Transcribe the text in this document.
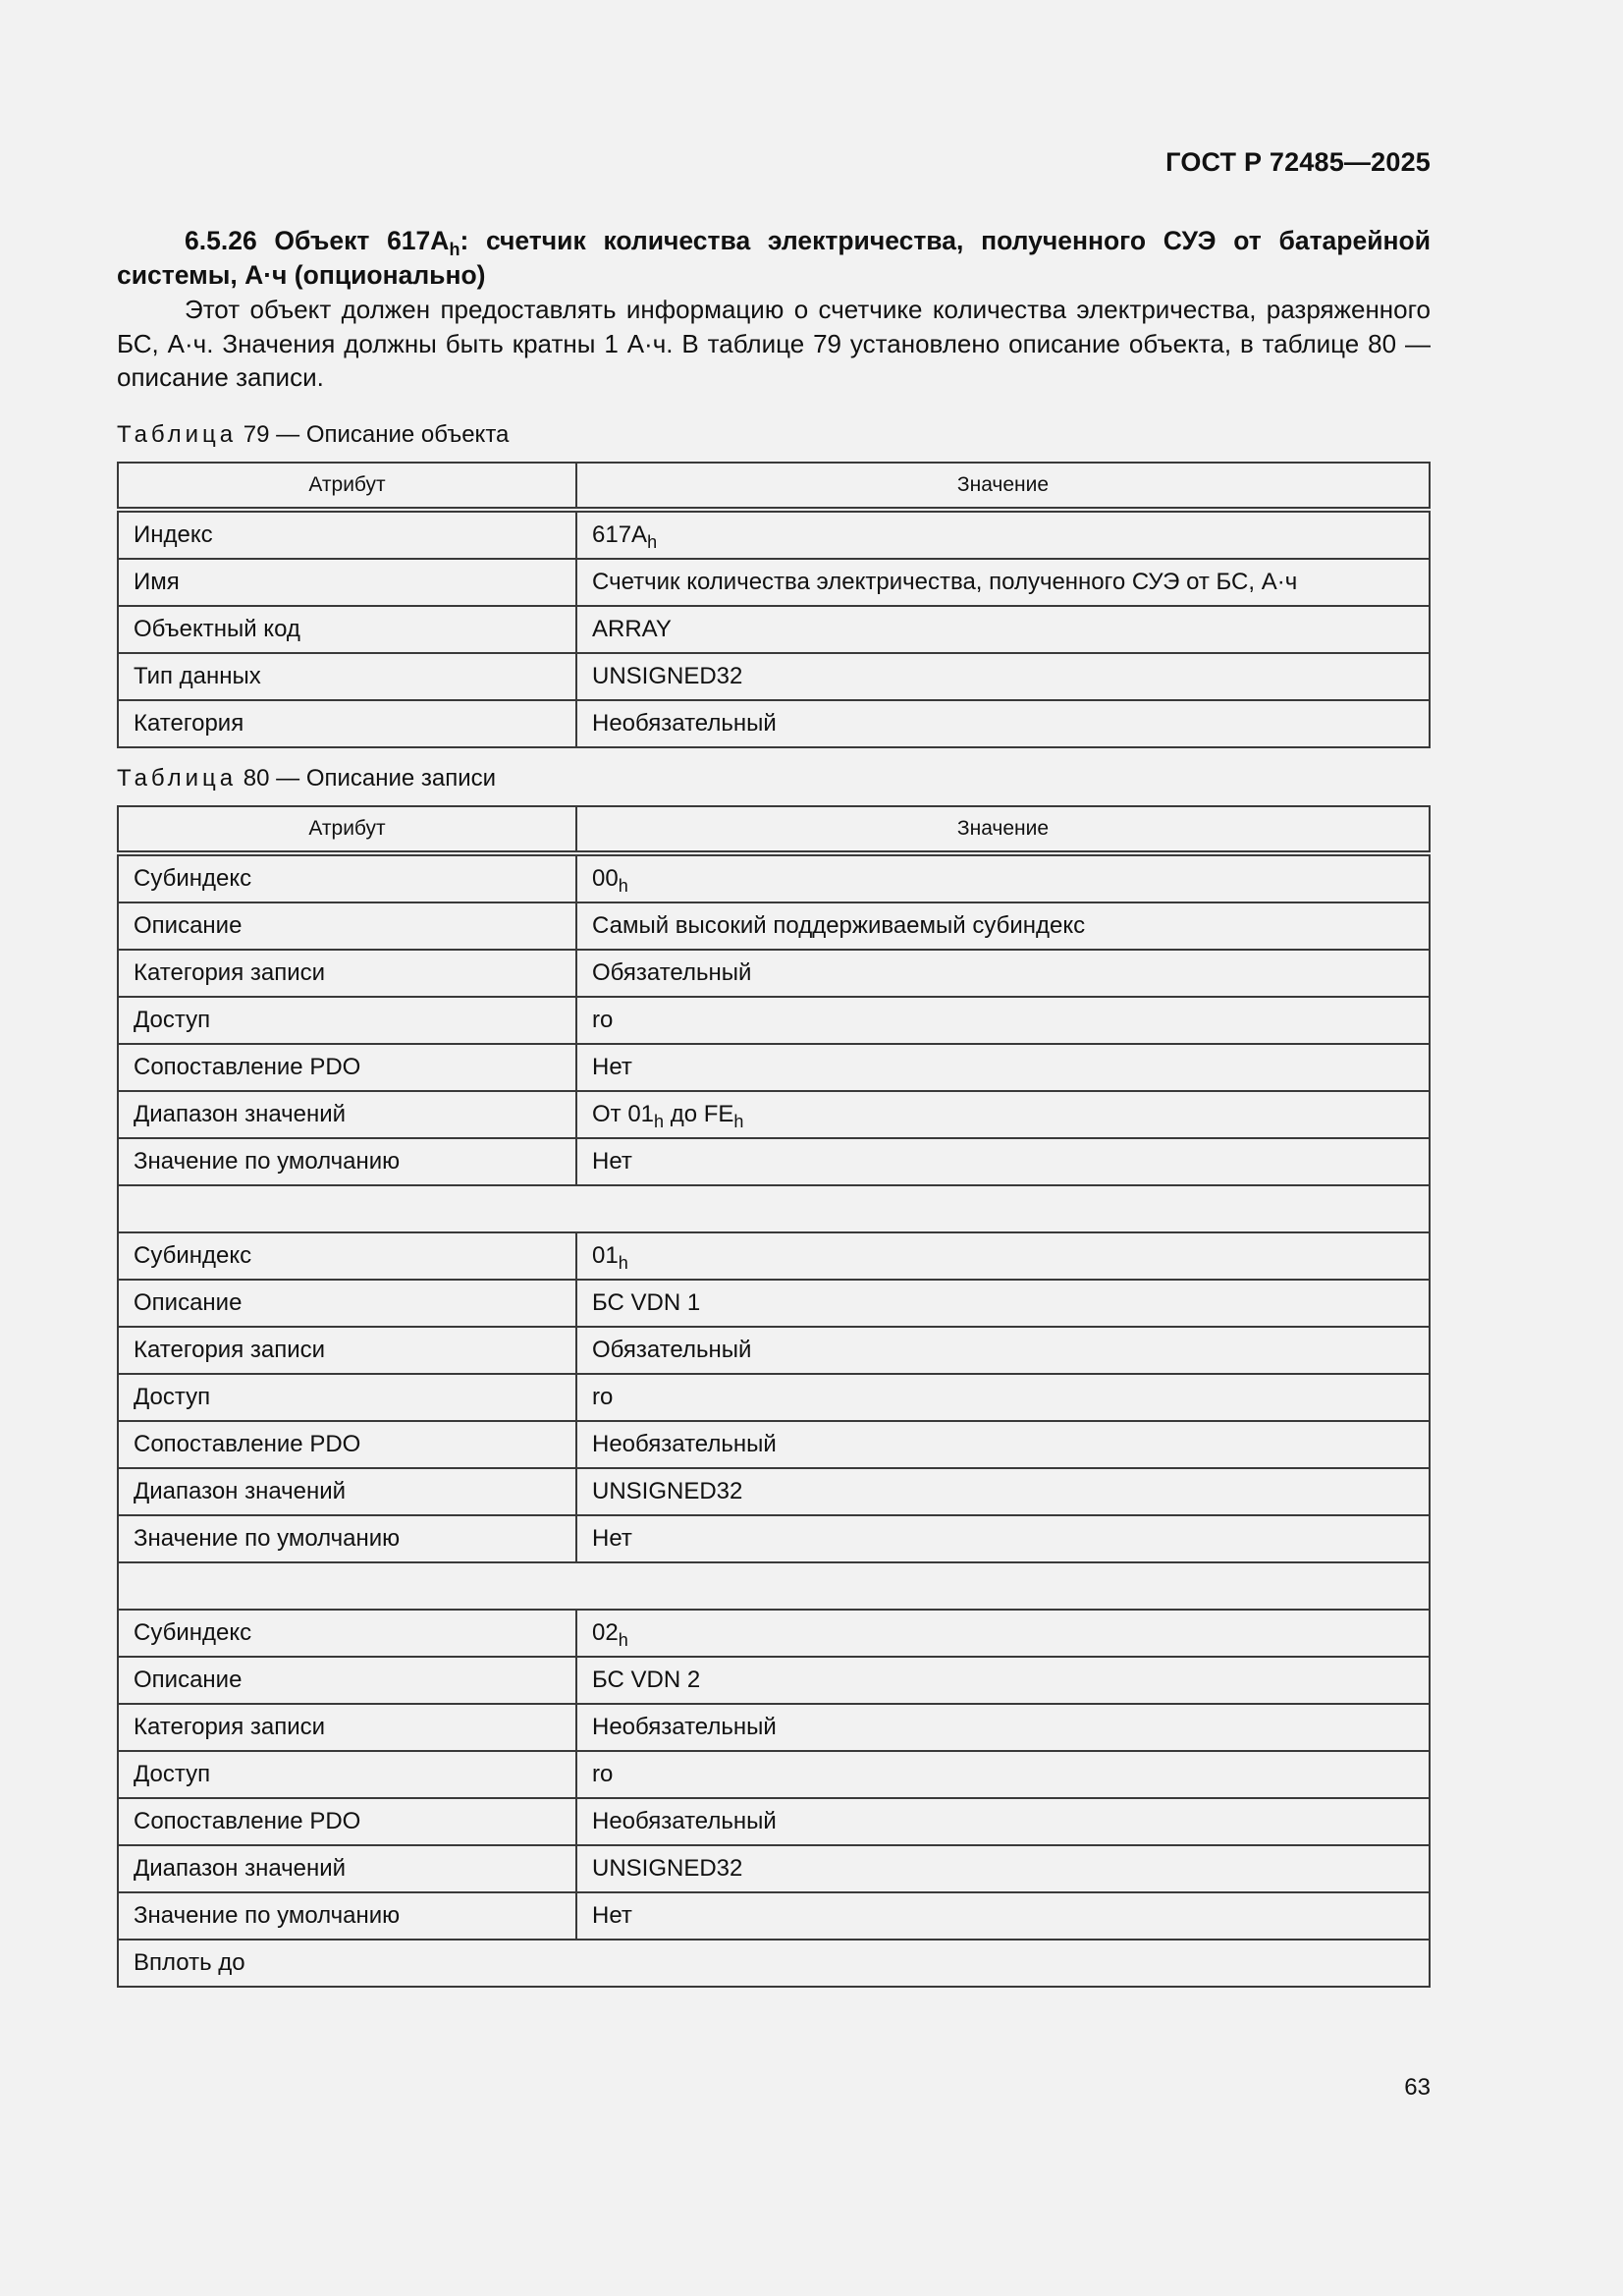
ГОСТ Р 72485—2025

6.5.26 Объект $617A_h$: счетчик количества электричества, полученного СУЭ от батарейной системы, А·ч (опционально)

Этот объект должен предоставлять информацию о счетчике количества электричества, разряженного БС, А·ч. Значения должны быть кратны 1 А·ч. В таблице 79 установлено описание объекта, в таблице 80 — описание записи.

Таблица 79 — Описание объекта

Атрибут	Значение
Индекс	$617A_h$
Имя	Счетчик количества электричества, полученного СУЭ от БС, А·ч
Объектный код	ARRAY
Тип данных	UNSIGNED32
Категория	Необязательный

Таблица 80 — Описание записи

Атрибут	Значение
Субиндекс	$00_h$
Описание	Самый высокий поддерживаемый субиндекс
Категория записи	Обязательный
Доступ	ro
Сопоставление PDO	Нет
Диапазон значений	От $01_h$ до $FE_h$
Значение по умолчанию	Нет

Субиндекс	$01_h$
Описание	БС VDN 1
Категория записи	Обязательный
Доступ	ro
Сопоставление PDO	Необязательный
Диапазон значений	UNSIGNED32
Значение по умолчанию	Нет

Субиндекс	$02_h$
Описание	БС VDN 2
Категория записи	Необязательный
Доступ	ro
Сопоставление PDO	Необязательный
Диапазон значений	UNSIGNED32
Значение по умолчанию	Нет
Вплоть до	
63
